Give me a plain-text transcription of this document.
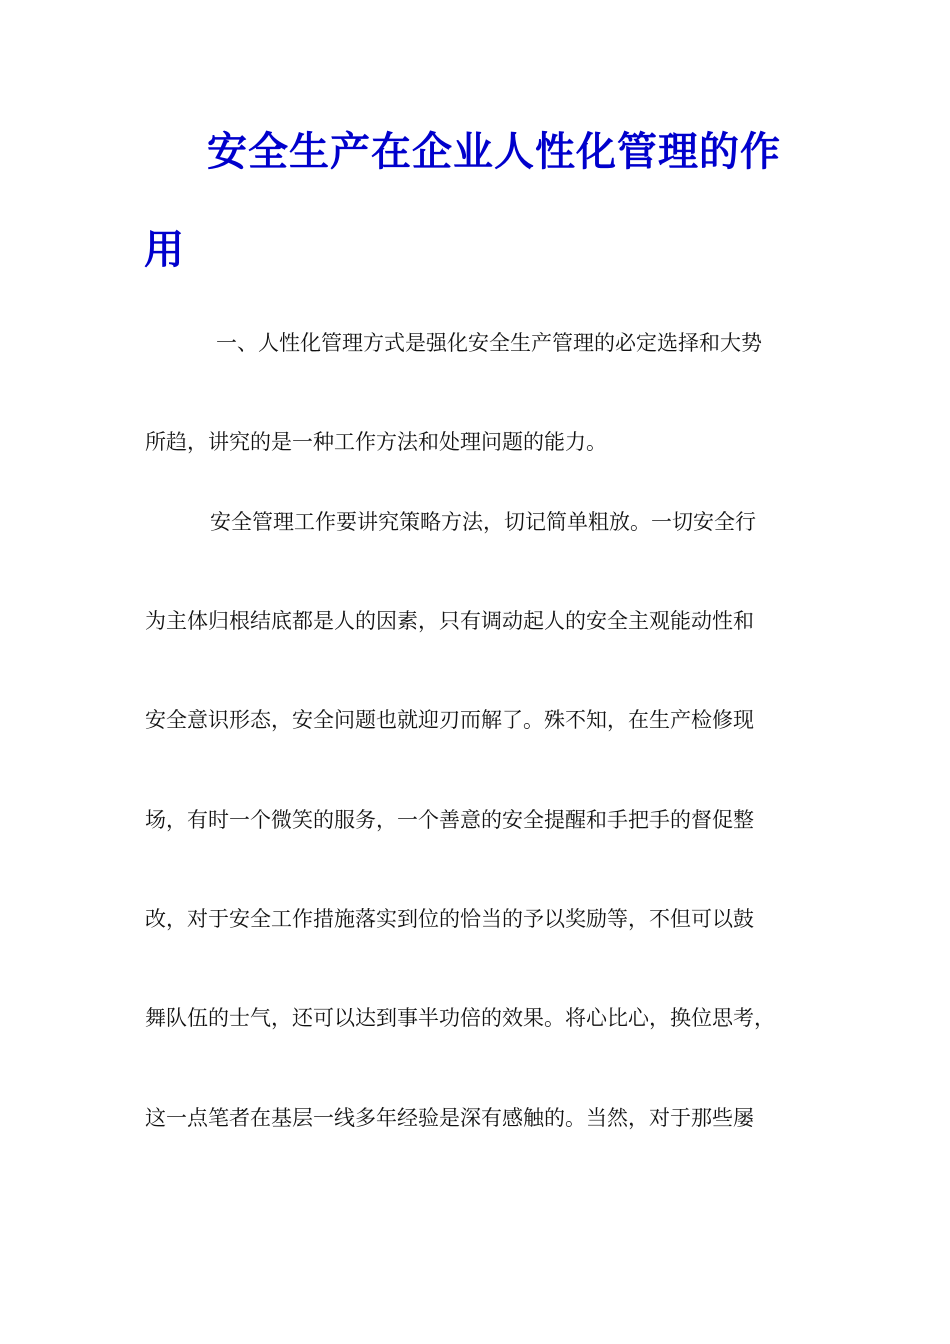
安全生产在企业人性化管理的作
用
一、人性化管理方式是强化安全生产管理的必定选择和大势
所趋，讲究的是一种工作方法和处理问题的能力。
安全管理工作要讲究策略方法，切记简单粗放。一切安全行
为主体归根结底都是人的因素，只有调动起人的安全主观能动性和
安全意识形态，安全问题也就迎刃而解了。殊不知，在生产检修现
场，有时一个微笑的服务，一个善意的安全提醒和手把手的督促整
改，对于安全工作措施落实到位的恰当的予以奖励等，不但可以鼓
舞队伍的士气，还可以达到事半功倍的效果。将心比心，换位思考，
这一点笔者在基层一线多年经验是深有感触的。当然，对于那些屡
